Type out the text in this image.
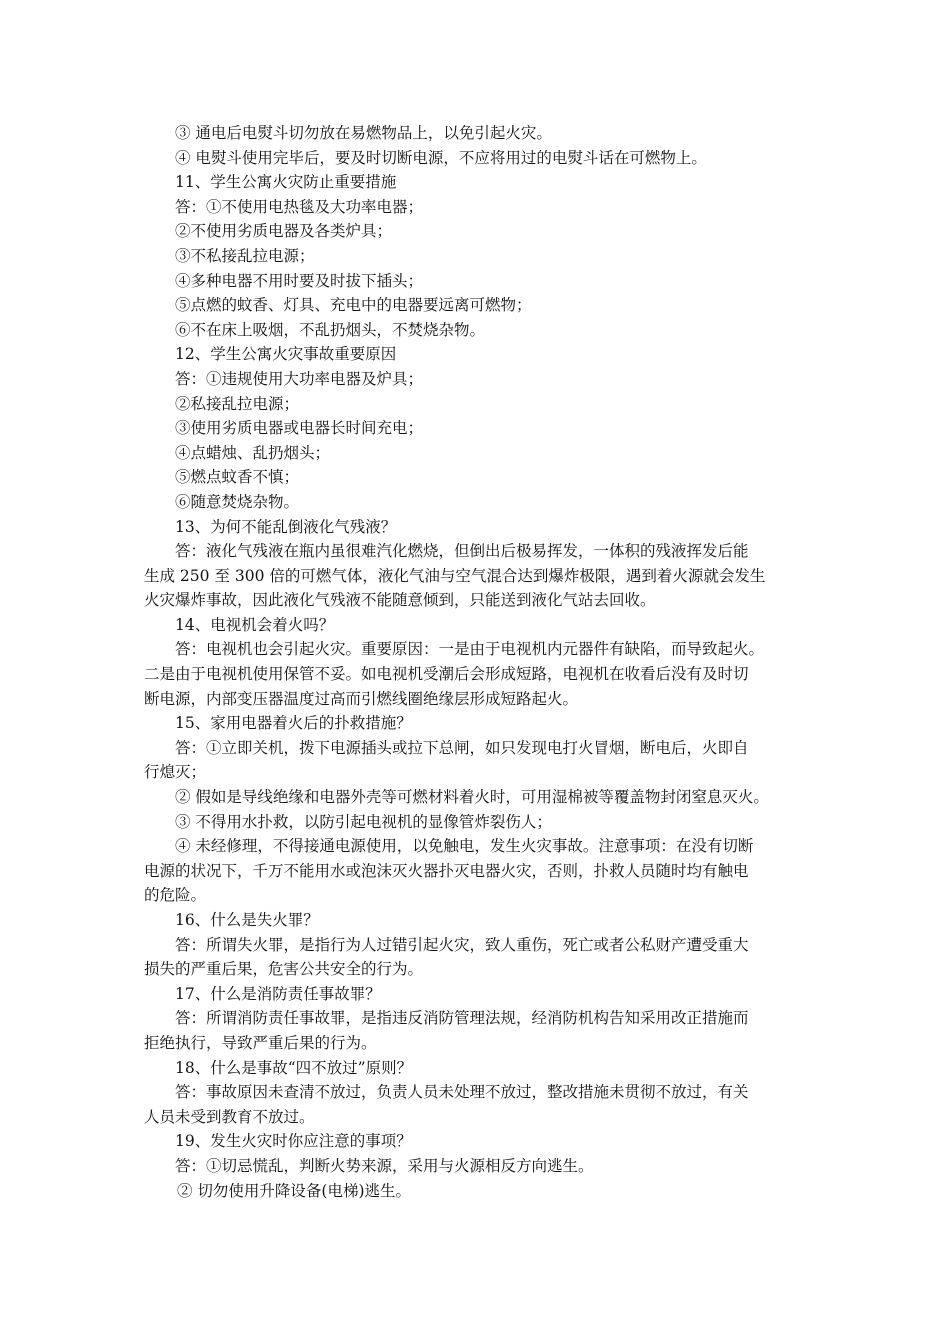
③ 通电后电熨斗切勿放在易燃物品上，以免引起火灾。

④ 电熨斗使用完毕后，要及时切断电源，不应将用过的电熨斗话在可燃物上。

11、学生公寓火灾防止重要措施

答：①不使用电热毯及大功率电器；

②不使用劣质电器及各类炉具；

③不私接乱拉电源；

④多种电器不用时要及时拔下插头；

⑤点燃的蚊香、灯具、充电中的电器要远离可燃物；

⑥不在床上吸烟，不乱扔烟头，不焚烧杂物。

12、学生公寓火灾事故重要原因

答：①违规使用大功率电器及炉具；

②私接乱拉电源；

③使用劣质电器或电器长时间充电；

④点蜡烛、乱扔烟头；

⑤燃点蚊香不慎；

⑥随意焚烧杂物。

13、为何不能乱倒液化气残液？

答：液化气残液在瓶内虽很难汽化燃烧，但倒出后极易挥发，一体积的残液挥发后能

生成 250 至 300 倍的可燃气体，液化气油与空气混合达到爆炸极限，遇到着火源就会发生

火灾爆炸事故，因此液化气残液不能随意倾到，只能送到液化气站去回收。

14、电视机会着火吗？

答：电视机也会引起火灾。重要原因：一是由于电视机内元器件有缺陷，而导致起火。

二是由于电视机使用保管不妥。如电视机受潮后会形成短路，电视机在收看后没有及时切

断电源，内部变压器温度过高而引燃线圈绝缘层形成短路起火。

15、家用电器着火后的扑救措施？

答：①立即关机，拨下电源插头或拉下总闸，如只发现电打火冒烟，断电后，火即自

行熄灭；

② 假如是导线绝缘和电器外壳等可燃材料着火时，可用湿棉被等覆盖物封闭窒息灭火。

③ 不得用水扑救，以防引起电视机的显像管炸裂伤人；

④ 未经修理，不得接通电源使用，以免触电，发生火灾事故。注意事项：在没有切断

电源的状况下，千万不能用水或泡沫灭火器扑灭电器火灾，否则，扑救人员随时均有触电

的危险。

16、什么是失火罪？

答：所谓失火罪，是指行为人过错引起火灾，致人重伤，死亡或者公私财产遭受重大

损失的严重后果，危害公共安全的行为。

17、什么是消防责任事故罪？

答：所谓消防责任事故罪，是指违反消防管理法规，经消防机构告知采用改正措施而

拒绝执行，导致严重后果的行为。

18、什么是事故“四不放过”原则？

答：事故原因未查清不放过，负责人员未处理不放过，整改措施未贯彻不放过，有关

人员未受到教育不放过。

19、发生火灾时你应注意的事项？

答：①切忌慌乱，判断火势来源，采用与火源相反方向逃生。

② 切勿使用升降设备(电梯)逃生。
